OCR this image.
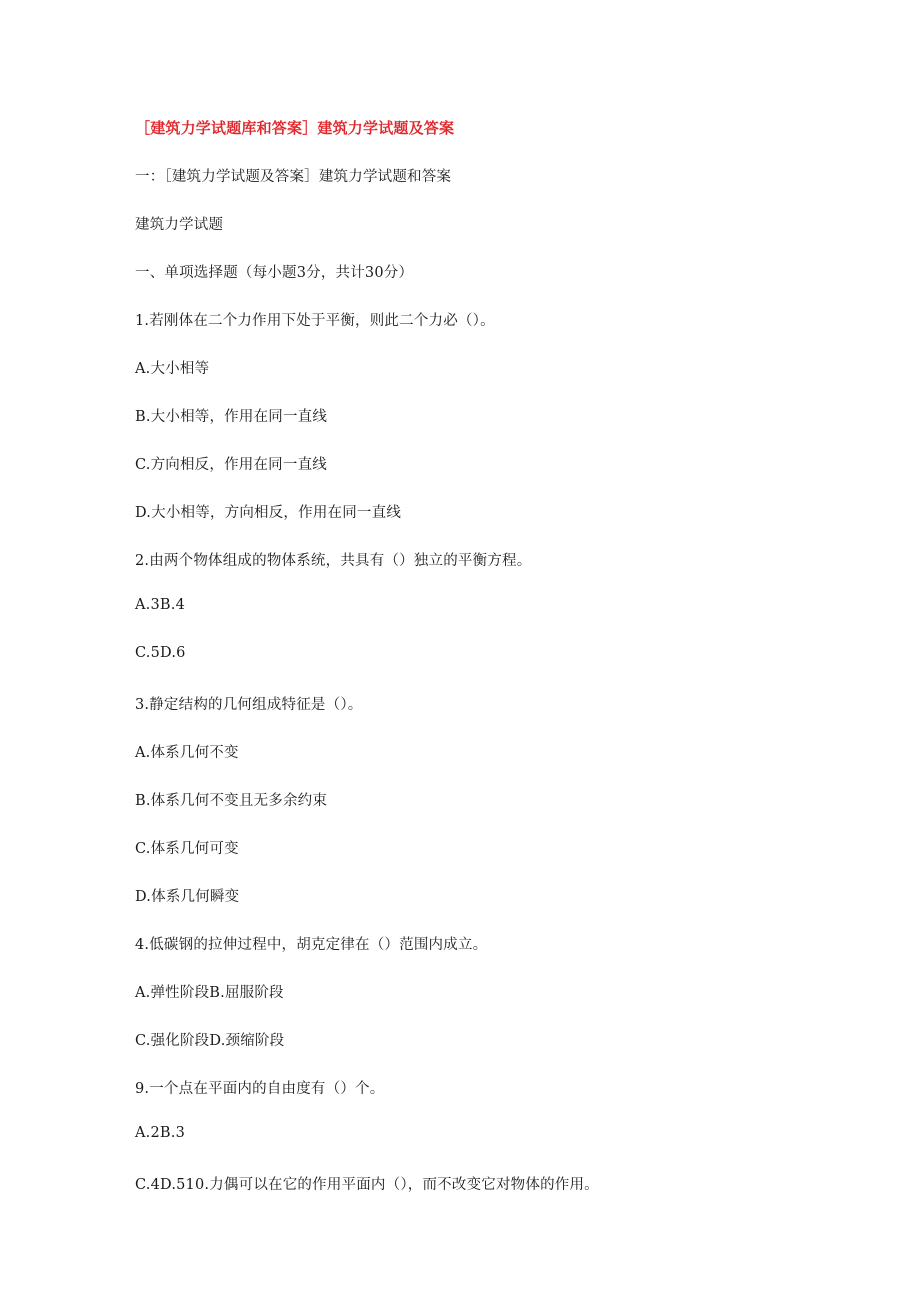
［建筑力学试题库和答案］建筑力学试题及答案
一：［建筑力学试题及答案］建筑力学试题和答案
建筑力学试题
一、单项选择题（每小题3分，共计30分）
1.若刚体在二个力作用下处于平衡，则此二个力必（）。
A.大小相等
B.大小相等，作用在同一直线
C.方向相反，作用在同一直线
D.大小相等，方向相反，作用在同一直线
2.由两个物体组成的物体系统，共具有（）独立的平衡方程。
A.3B.4
C.5D.6
3.静定结构的几何组成特征是（）。
A.体系几何不变
B.体系几何不变且无多余约束
C.体系几何可变
D.体系几何瞬变
4.低碳钢的拉伸过程中，胡克定律在（）范围内成立。
A.弹性阶段B.屈服阶段
C.强化阶段D.颈缩阶段
9.一个点在平面内的自由度有（）个。
A.2B.3
C.4D.510.力偶可以在它的作用平面内（），而不改变它对物体的作用。
